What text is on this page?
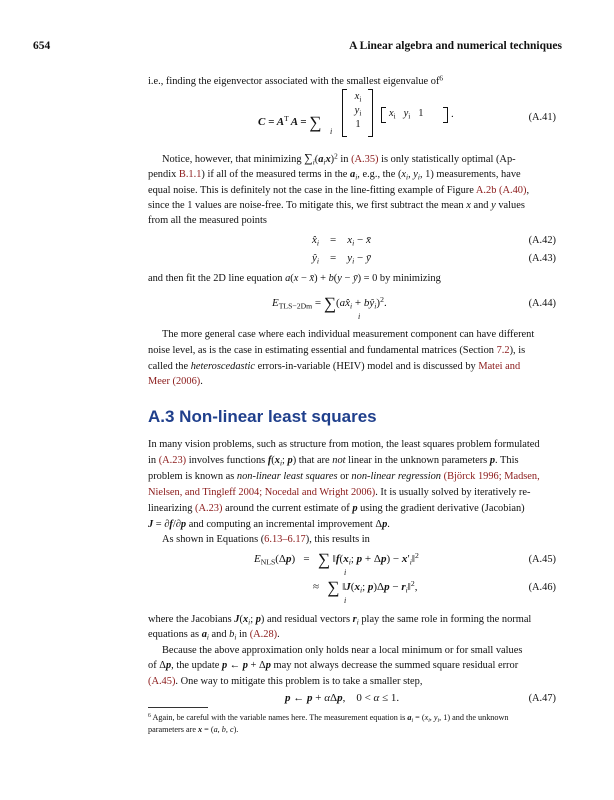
654	A Linear algebra and numerical techniques
i.e., finding the eigenvector associated with the smallest eigenvalue $of^6$
$C = A^T$ A = ∑ i
$x_i$
$y_i$
1
$x_i$ $y_i$ 1	.	(A.41)
Notice, however, that minimizing $\sum_i(a_ix)^2$ in (A.35) is only statistically optimal (Ap-
pendix B.1.1) if all of the measured terms in the $a_i$, e.g., the ($x_i$, $y_i$, 1) measurements, have
equal noise. This is definitely not the case in the line-fitting example of Figure A.2b (A.40),
since the 1 values are noise-free. To mitigate this, we first subtract the mean x and y values
from all the measured points
$x̂_i$    =    $x_i$ − x̄	(A.42)
$ŷ_i$    =    $y_i$ − ȳ	(A.43)
and then fit the 2D line equation a(x − x̄) + b(y − ȳ) = 0 by minimizing
$E_{TLS-2Dm}$ = $\sum(ax̂_i$ + $bŷ_i)^2$.
i
(A.44)
The more general case where each individual measurement component can have different
noise level, as is the case in estimating essential and fundamental matrices (Section 7.2), is
called the heteroscedastic errors-in-variable (HEIV) model and is discussed by Matei and
Meer (2006).
A.3 Non-linear least squares
In many vision problems, such as structure from motion, the least squares problem formulated
in (A.23) involves functions $f(x_i$; p) that are not linear in the unknown parameters p. This
problem is known as non-linear least squares or non-linear regression (Björck 1996; Madsen,
Nielsen, and Tingleff 2004; Nocedal and Wright 2006). It is usually solved by iteratively re-
linearizing (A.23) around the current estimate of p using the gradient derivative (Jacobian)
J = ∂f/∂p and computing an incremental improvement Δp.
As shown in Equations (6.13–6.17), this results in
$E_{NLS}(\Delta p)$   =   ∑ $‖f(x_i$; $p + \Delta p) - x'_i‖^2$
i
(A.45)
≈   ∑ $‖J(x_i$; $p)\Delta p - r_i‖^2$,
i
(A.46)
where the Jacobians $J(x_i$; p) and residual vectors $r_i$ play the same role in forming the normal
equations as $a_i$ and $b_i$ in (A.28).
Because the above approximation only holds near a local minimum or for small values
of Δp, the update p ← p + Δp may not always decrease the summed square residual error
(A.45). One way to mitigate this problem is to take a smaller step,
p ← p + αΔp,    0 < α ≤ 1.	(A.47)
$^6$ Again, be careful with the variable names here. The measurement equation is $a_i = (x_i$, $y_i$, 1) and the unknown
parameters are x = (a, b, c).
